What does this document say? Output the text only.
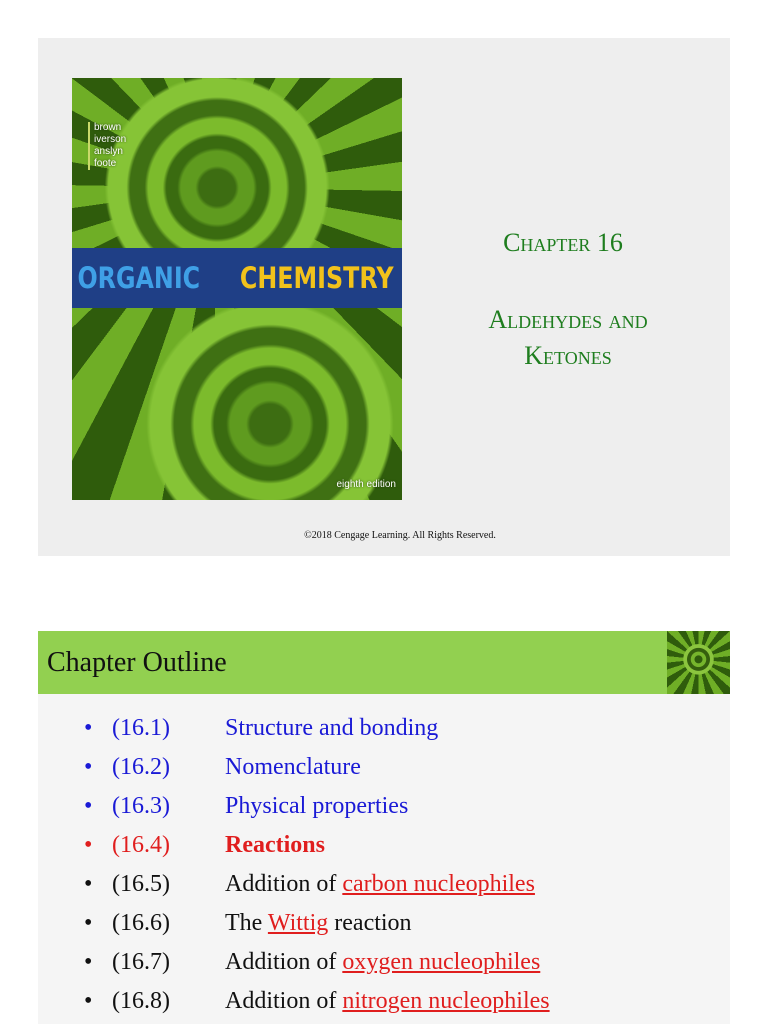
brown
iverson
anslyn
foote
ORGANIC CHEMISTRY
eighth edition
Chapter 16
Aldehydes and
Ketones
©2018 Cengage Learning. All Rights Reserved.
Chapter Outline
• (16.1)	Structure and bonding
• (16.2)	Nomenclature
• (16.3)	Physical properties
• (16.4)	Reactions
• (16.5)	Addition of carbon nucleophiles
• (16.6)	The Wittig reaction
• (16.7)	Addition of oxygen nucleophiles
• (16.8)	Addition of nitrogen nucleophiles
